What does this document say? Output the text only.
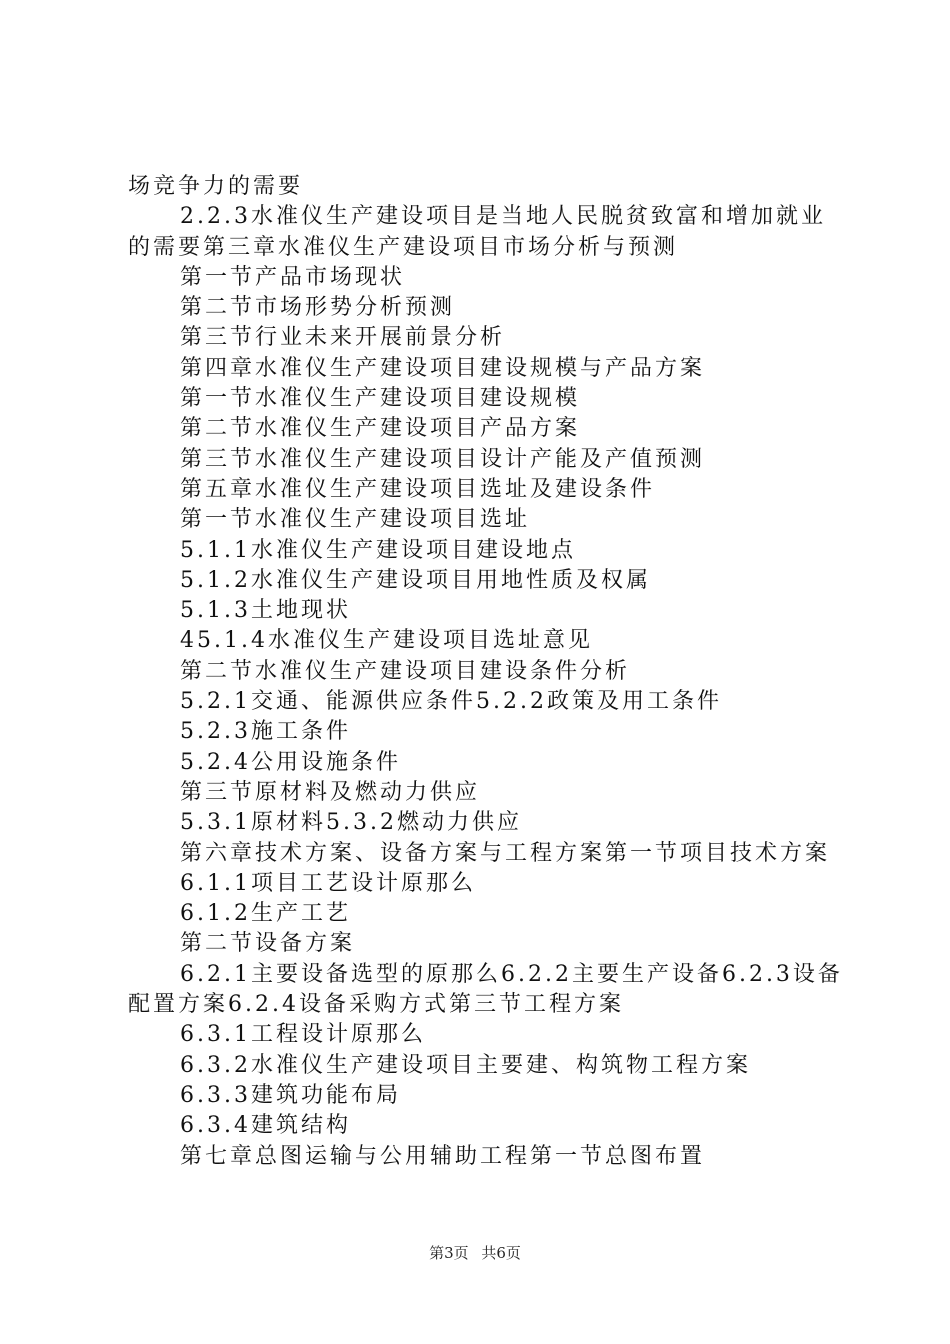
场竞争力的需要

2.2.3水准仪生产建设项目是当地人民脱贫致富和增加就业的需要第三章水准仪生产建设项目市场分析与预测

第一节产品市场现状

第二节市场形势分析预测

第三节行业未来开展前景分析

第四章水准仪生产建设项目建设规模与产品方案

第一节水准仪生产建设项目建设规模

第二节水准仪生产建设项目产品方案

第三节水准仪生产建设项目设计产能及产值预测

第五章水准仪生产建设项目选址及建设条件

第一节水准仪生产建设项目选址

5.1.1水准仪生产建设项目建设地点

5.1.2水准仪生产建设项目用地性质及权属

5.1.3土地现状

45.1.4水准仪生产建设项目选址意见

第二节水准仪生产建设项目建设条件分析

5.2.1交通、能源供应条件5.2.2政策及用工条件

5.2.3施工条件

5.2.4公用设施条件

第三节原材料及燃动力供应

5.3.1原材料5.3.2燃动力供应

第六章技术方案、设备方案与工程方案第一节项目技术方案

6.1.1项目工艺设计原那么

6.1.2生产工艺

第二节设备方案

6.2.1主要设备选型的原那么6.2.2主要生产设备6.2.3设备配置方案6.2.4设备采购方式第三节工程方案

6.3.1工程设计原那么

6.3.2水准仪生产建设项目主要建、构筑物工程方案

6.3.3建筑功能布局

6.3.4建筑结构

第七章总图运输与公用辅助工程第一节总图布置

第3页 共6页
